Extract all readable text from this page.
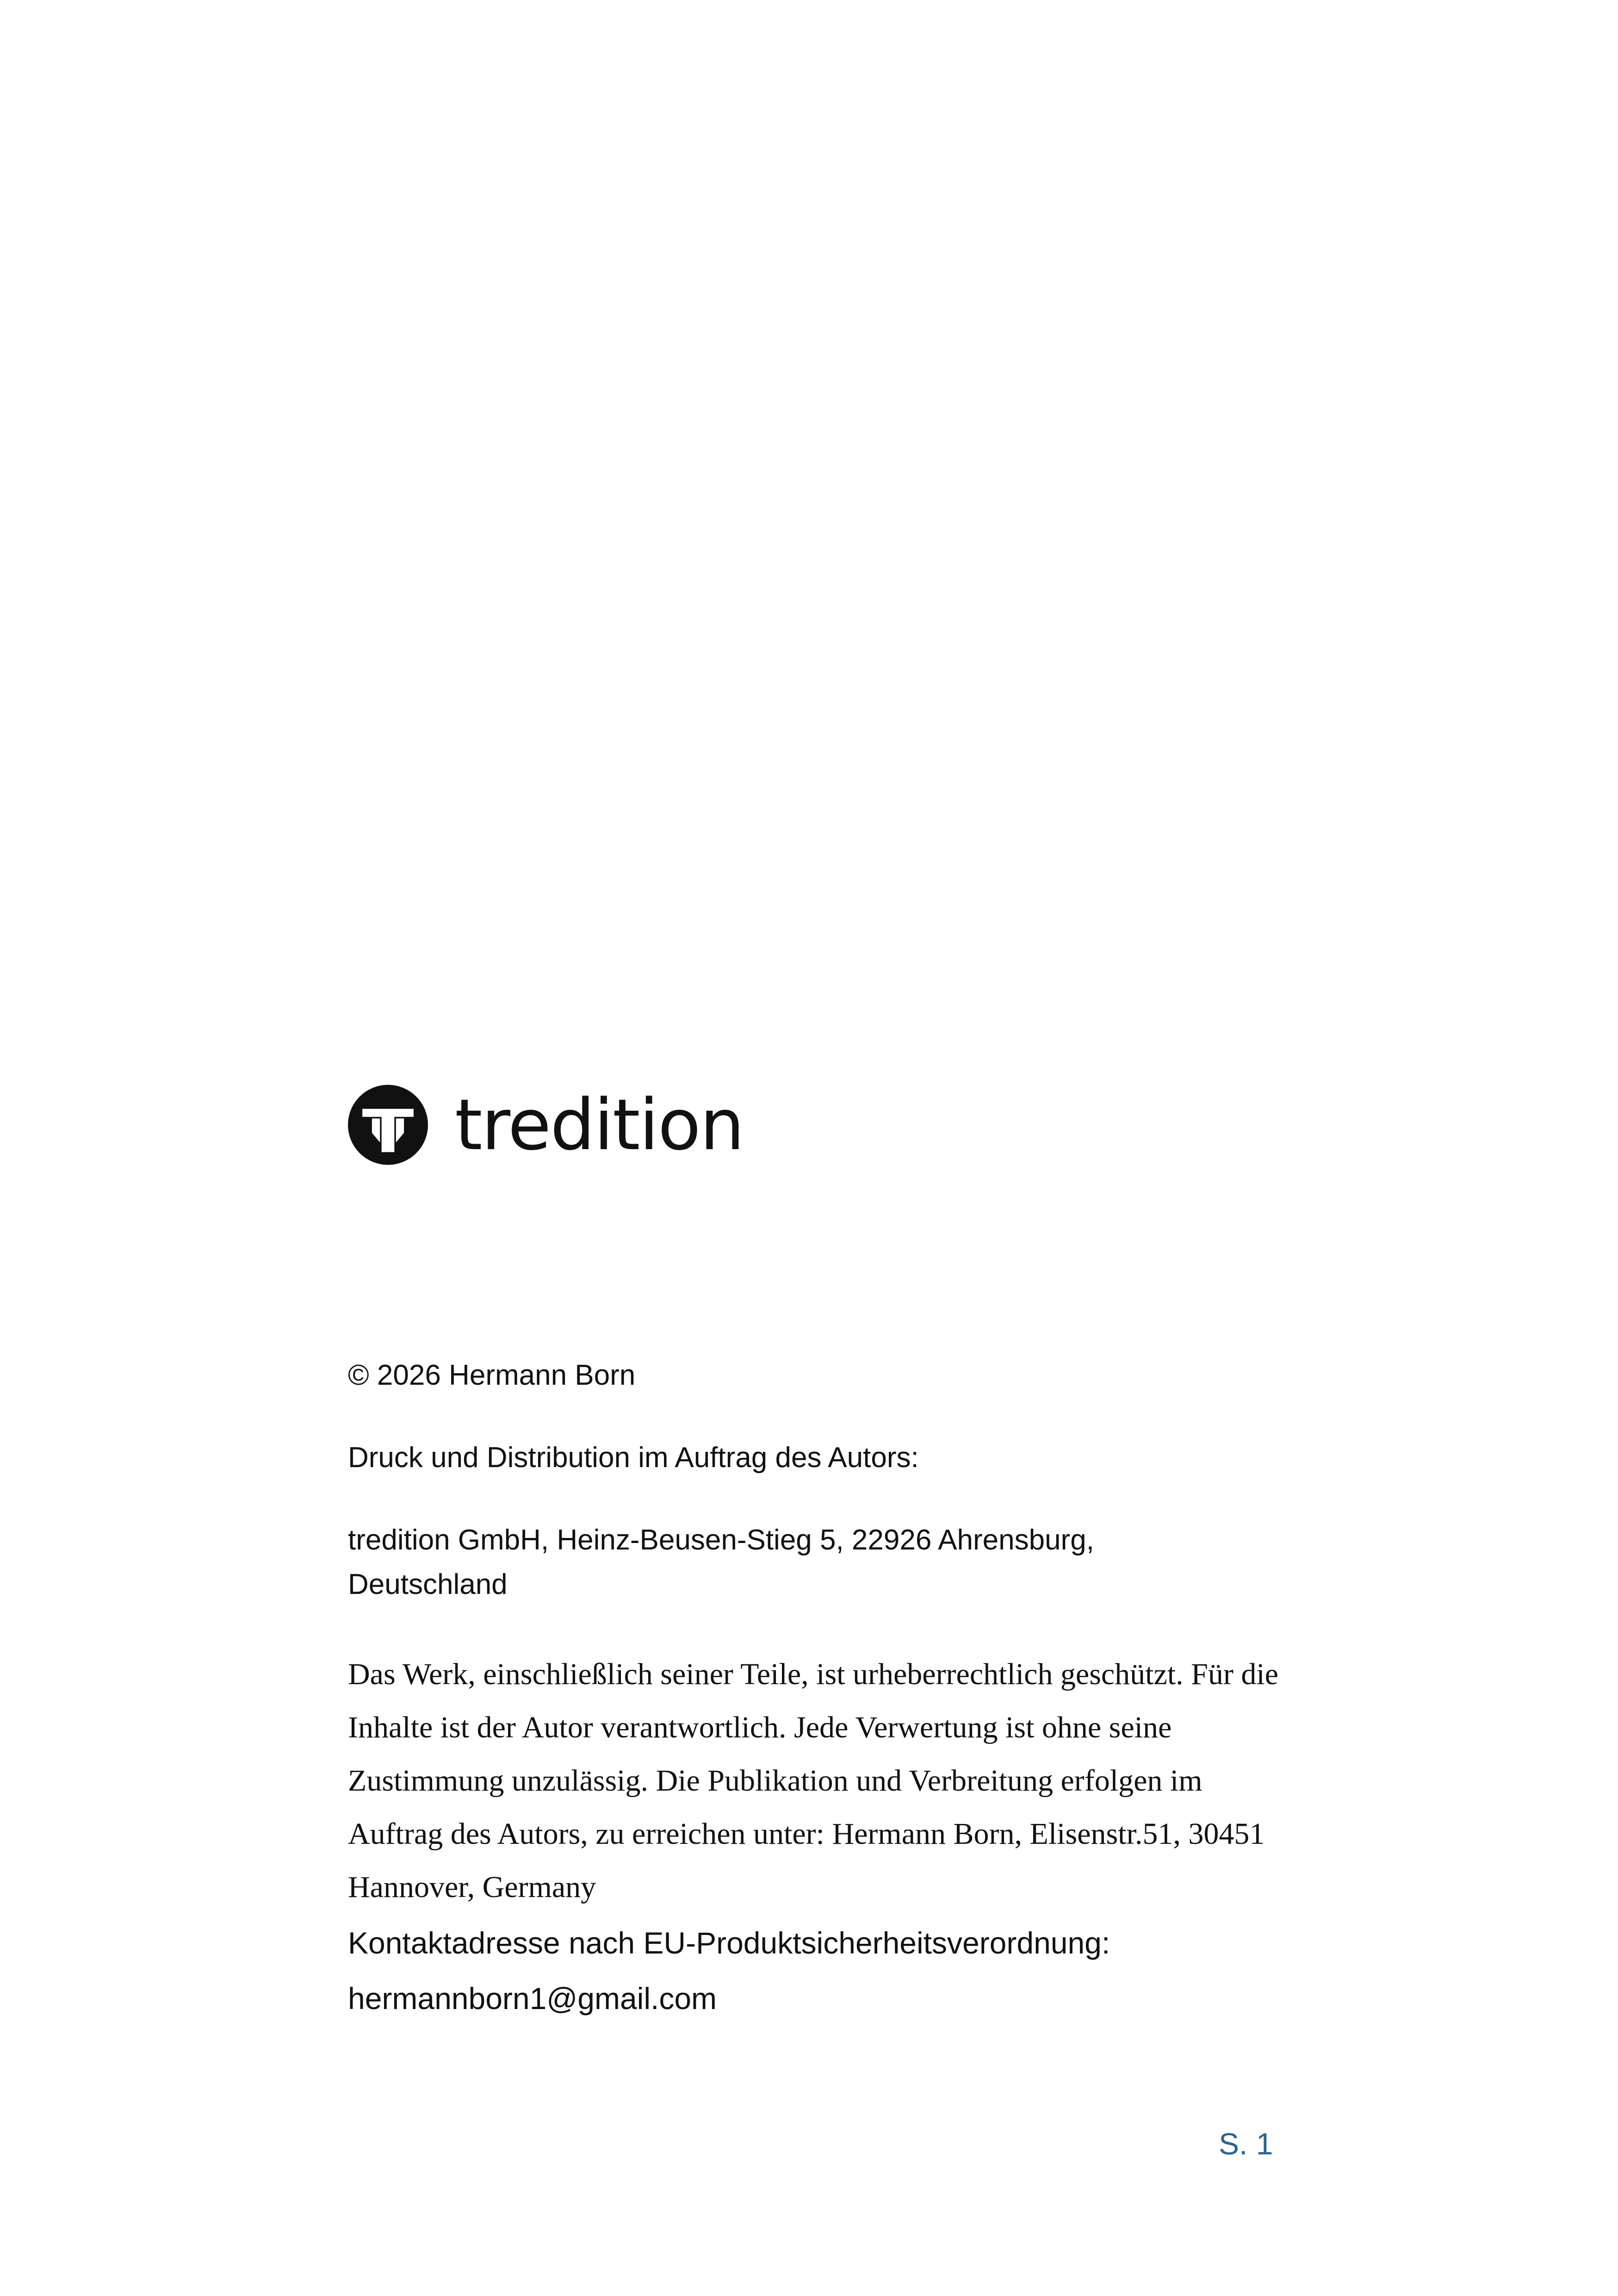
tredition

© 2026 Hermann Born

Druck und Distribution im Auftrag des Autors:

tredition GmbH, Heinz-Beusen-Stieg 5, 22926 Ahrensburg,

Deutschland

Das Werk, einschließlich seiner Teile, ist urheberrechtlich geschützt. Für die Inhalte ist der Autor verantwortlich. Jede Verwertung ist ohne seine Zustimmung unzulässig. Die Publikation und Verbreitung erfolgen im Auftrag des Autors, zu erreichen unter: Hermann Born, Elisenstr.51, 30451 Hannover, Germany

Kontaktadresse nach EU-Produktsicherheitsverordnung:

hermannborn1@gmail.com

S. 1
